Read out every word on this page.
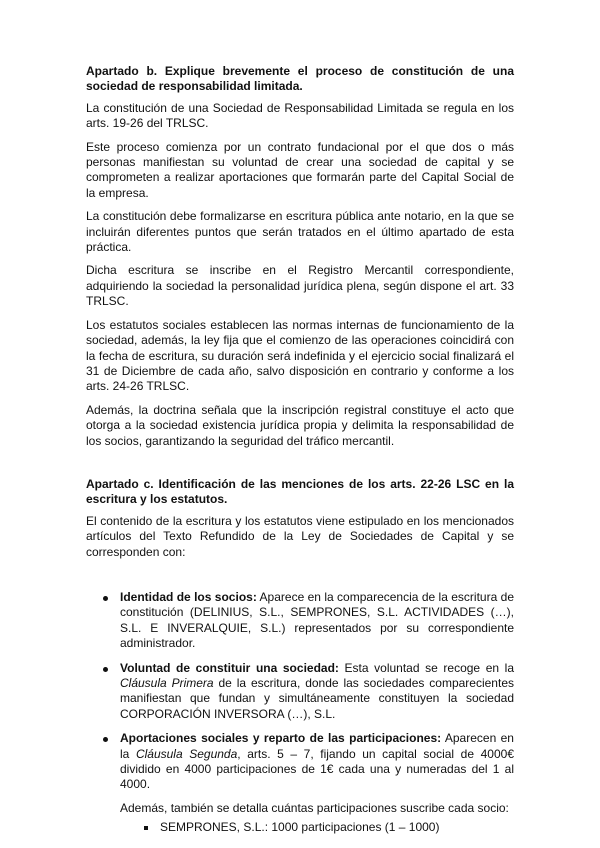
Apartado b. Explique brevemente el proceso de constitución de una sociedad de responsabilidad limitada.

La constitución de una Sociedad de Responsabilidad Limitada se regula en los arts. 19-26 del TRLSC.

Este proceso comienza por un contrato fundacional por el que dos o más personas manifiestan su voluntad de crear una sociedad de capital y se comprometen a realizar aportaciones que formarán parte del Capital Social de la empresa.

La constitución debe formalizarse en escritura pública ante notario, en la que se incluirán diferentes puntos que serán tratados en el último apartado de esta práctica.

Dicha escritura se inscribe en el Registro Mercantil correspondiente, adquiriendo la sociedad la personalidad jurídica plena, según dispone el art. 33 TRLSC.

Los estatutos sociales establecen las normas internas de funcionamiento de la sociedad, además, la ley fija que el comienzo de las operaciones coincidirá con la fecha de escritura, su duración será indefinida y el ejercicio social finalizará el 31 de Diciembre de cada año, salvo disposición en contrario y conforme a los arts. 24-26 TRLSC.

Además, la doctrina señala que la inscripción registral constituye el acto que otorga a la sociedad existencia jurídica propia y delimita la responsabilidad de los socios, garantizando la seguridad del tráfico mercantil.

Apartado c. Identificación de las menciones de los arts. 22-26 LSC en la escritura y los estatutos.

El contenido de la escritura y los estatutos viene estipulado en los mencionados artículos del Texto Refundido de la Ley de Sociedades de Capital y se corresponden con:

Identidad de los socios: Aparece en la comparecencia de la escritura de constitución (DELINIUS, S.L., SEMPRONES, S.L. ACTIVIDADES (…), S.L. E INVERALQUIE, S.L.) representados por su correspondiente administrador.
Voluntad de constituir una sociedad: Esta voluntad se recoge en la Cláusula Primera de la escritura, donde las sociedades comparecientes manifiestan que fundan y simultáneamente constituyen la sociedad CORPORACIÓN INVERSORA (…), S.L.
Aportaciones sociales y reparto de las participaciones: Aparecen en la Cláusula Segunda, arts. 5 – 7, fijando un capital social de 4000€ dividido en 4000 participaciones de 1€ cada una y numeradas del 1 al 4000.
Además, también se detalla cuántas participaciones suscribe cada socio:
SEMPRONES, S.L.: 1000 participaciones (1 – 1000)
